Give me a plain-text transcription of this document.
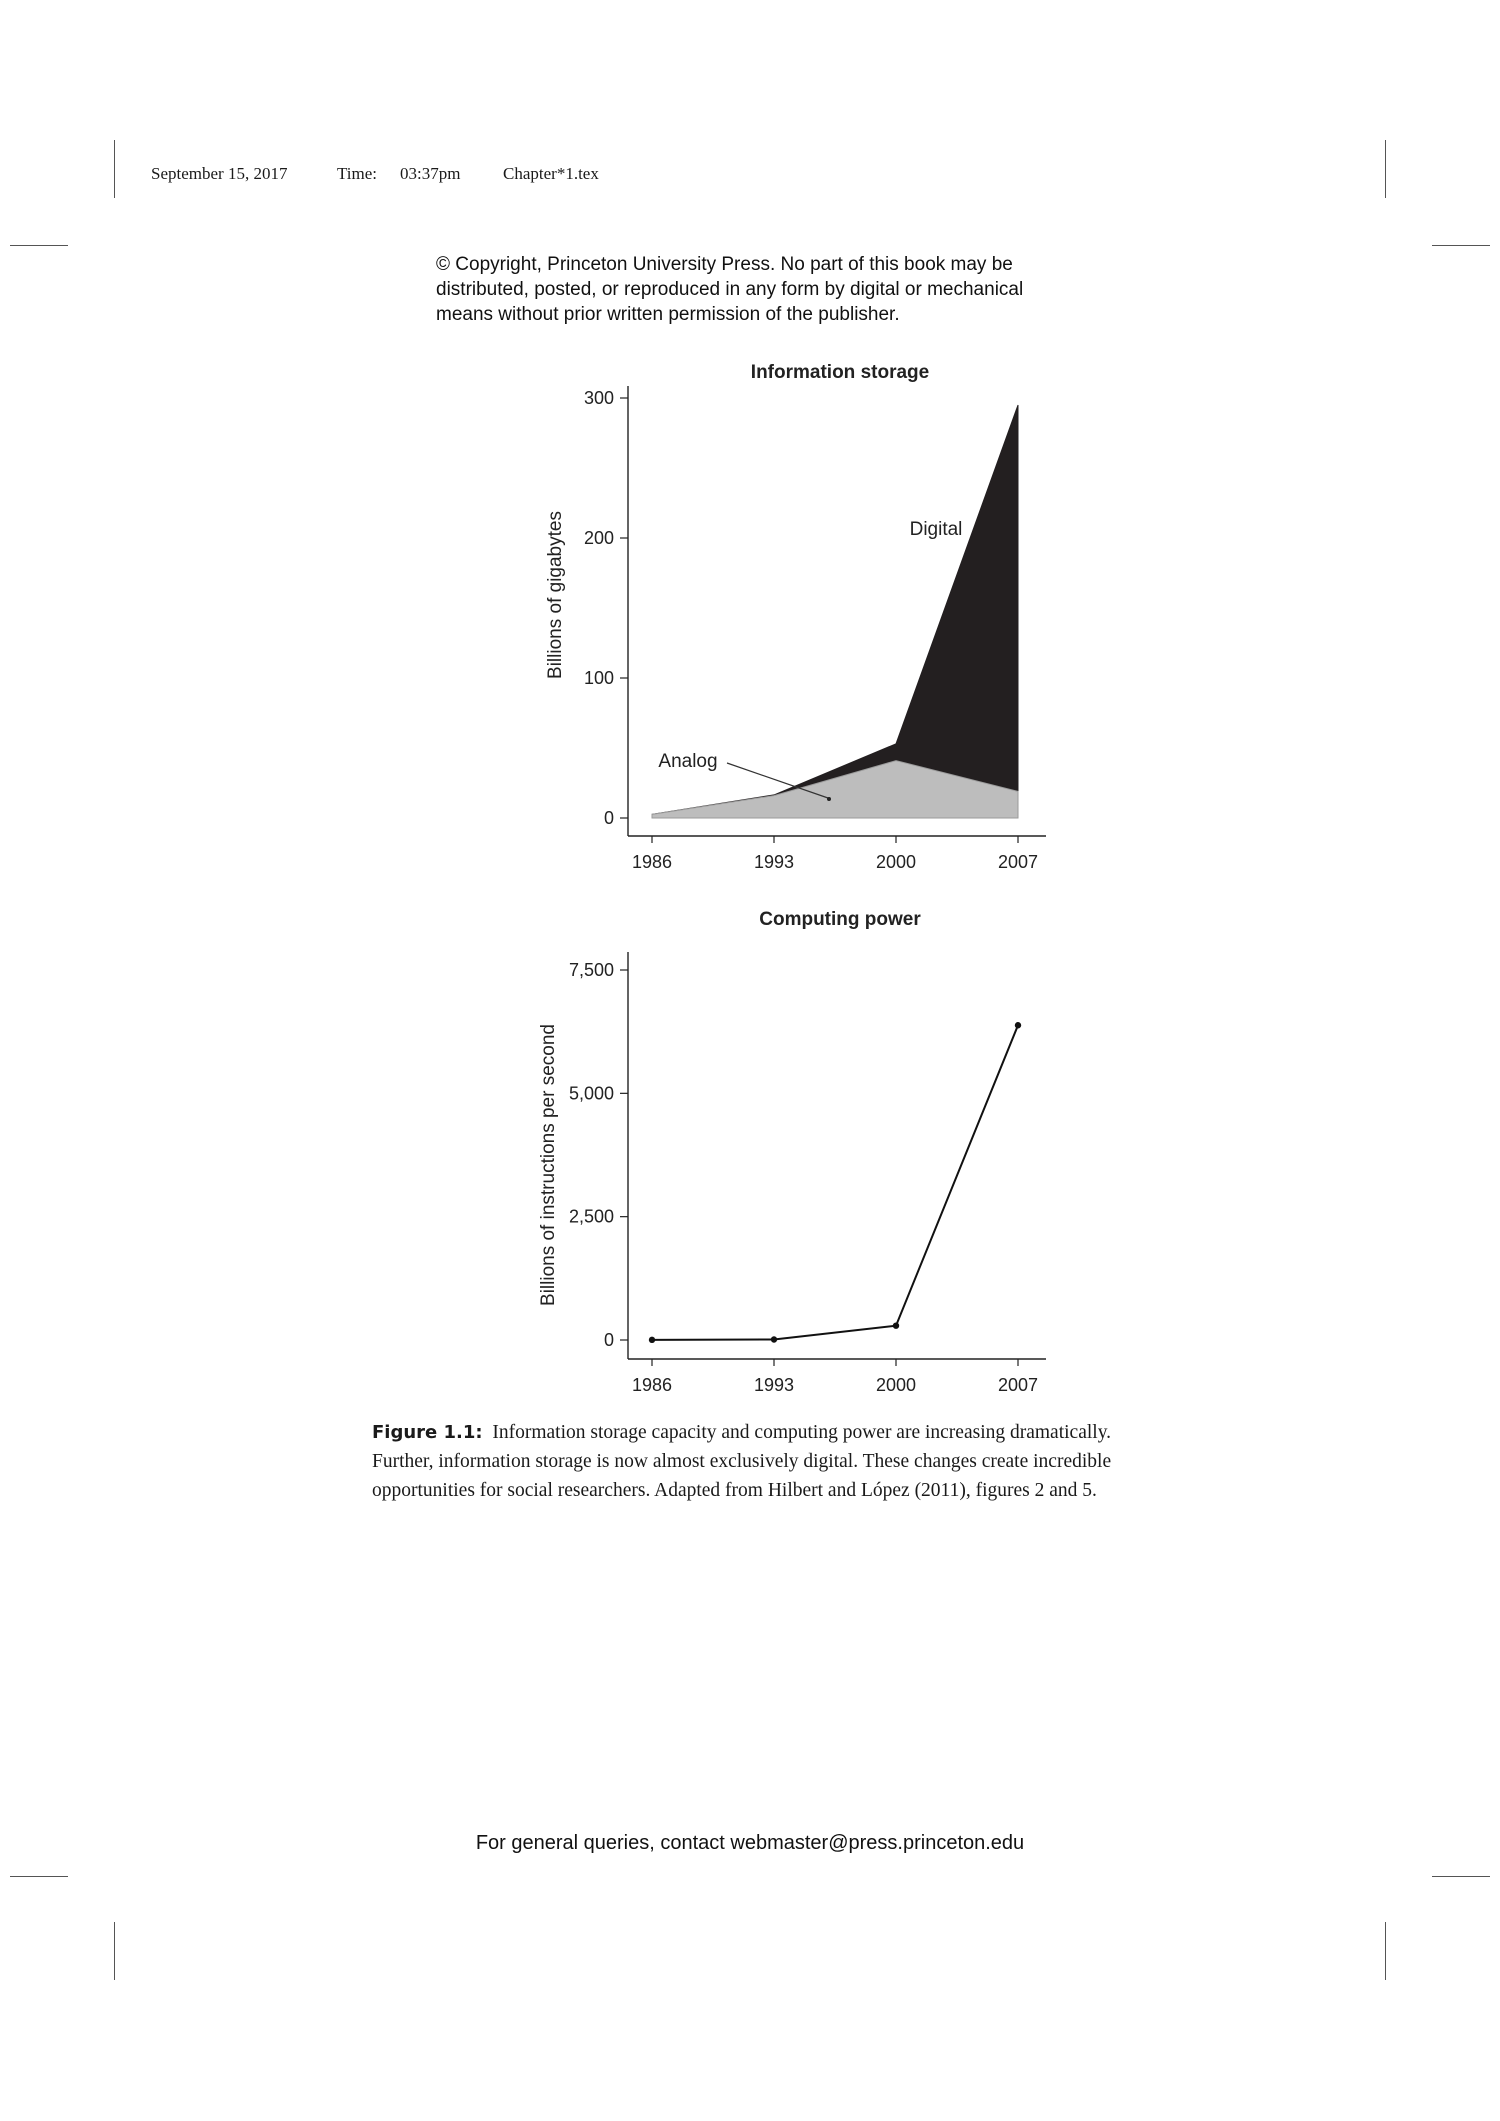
September 15, 2017	Time: 03:37pm	Chapter*1.tex
© Copyright, Princeton University Press. No part of this book may be
distributed, posted, or reproduced in any form by digital or mechanical
means without prior written permission of the publisher.
Information storage
Billions of gigabytes
0
100
200
300
1986	1993	2000	2007
Digital
Analog
Computing power
Billions of instructions per second
0
2,500
5,000
7,500
1986	1993	2000	2007
Figure 1.1: Information storage capacity and computing power are increasing dramatically.
Further, information storage is now almost exclusively digital. These changes create incredible
opportunities for social researchers. Adapted from Hilbert and López (2011), figures 2 and 5.
For general queries, contact webmaster@press.princeton.edu
